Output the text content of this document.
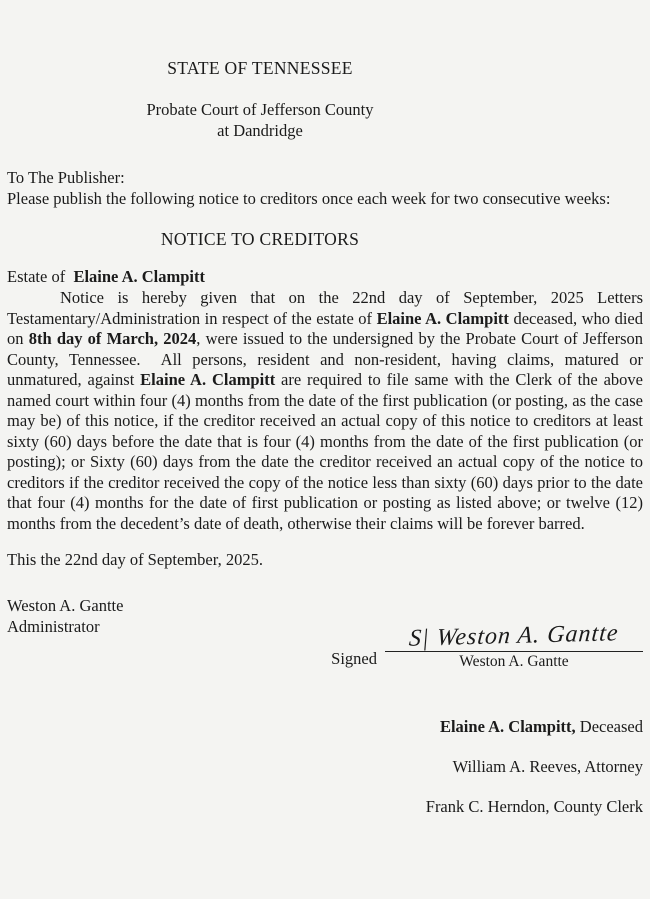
STATE OF TENNESSEE
Probate Court of Jefferson County
at Dandridge
To The Publisher:
Please publish the following notice to creditors once each week for two consecutive weeks:
NOTICE TO CREDITORS
Estate of  Elaine A. Clampitt
Notice is hereby given that on the 22nd day of September, 2025 Letters Testamentary/Administration in respect of the estate of Elaine A. Clampitt deceased, who died on 8th day of March, 2024, were issued to the undersigned by the Probate Court of Jefferson County, Tennessee.  All persons, resident and non-resident, having claims, matured or unmatured, against Elaine A. Clampitt are required to file same with the Clerk of the above named court within four (4) months from the date of the first publication (or posting, as the case may be) of this notice, if the creditor received an actual copy of this notice to creditors at least sixty (60) days before the date that is four (4) months from the date of the first publication (or posting); or Sixty (60) days from the date the creditor received an actual copy of the notice to creditors if the creditor received the copy of the notice less than sixty (60) days prior to the date that four (4) months for the date of first publication or posting as listed above; or twelve (12) months from the decedent’s date of death, otherwise their claims will be forever barred.
This the 22nd day of September, 2025.
Weston A. Gantte
Administrator
Signed
S| Weston A. Gantte
Weston A. Gantte
Elaine A. Clampitt, Deceased
William A. Reeves, Attorney
Frank C. Herndon, County Clerk
